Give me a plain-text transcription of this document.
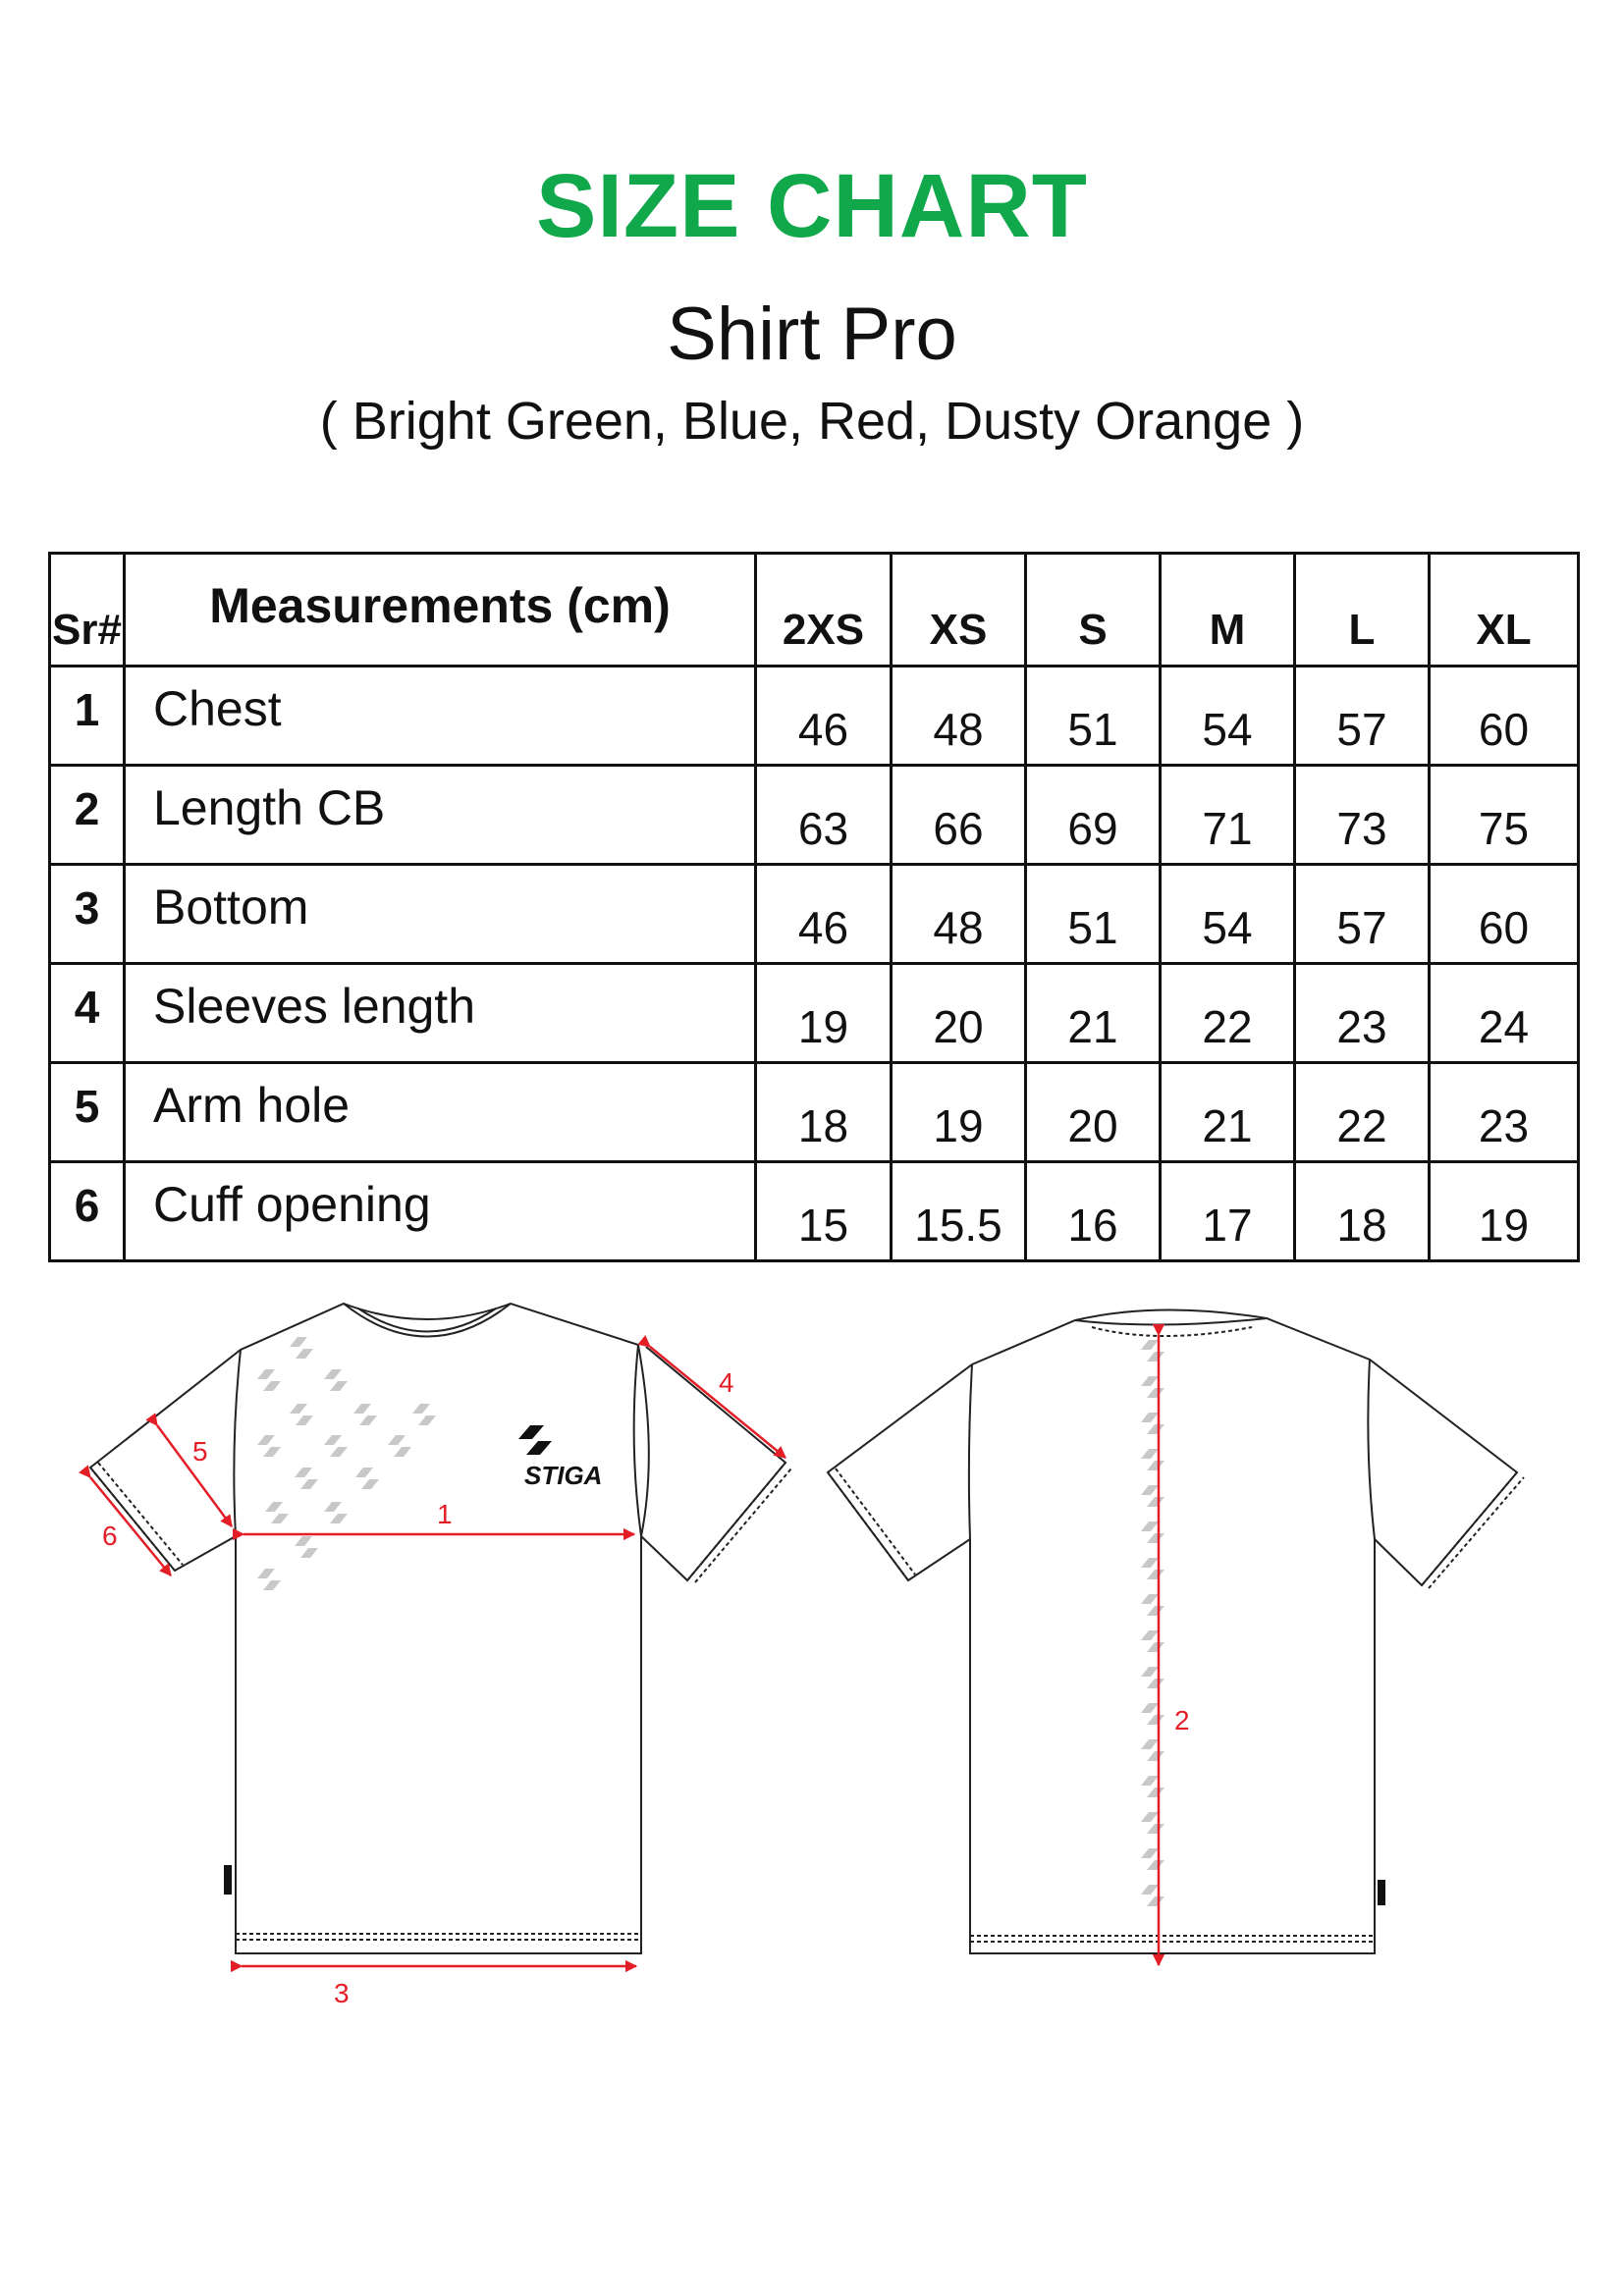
SIZE CHART
Shirt Pro
( Bright Green, Blue, Red, Dusty Orange )
Sr#	Measurements (cm)	2XS	XS	S	M	L	XL
1	Chest	46	48	51	54	57	60
2	Length CB	63	66	69	71	73	75
3	Bottom	46	48	51	54	57	60
4	Sleeves length	19	20	21	22	23	24
5	Arm hole	18	19	20	21	22	23
6	Cuff opening	15	15.5	16	17	18	19
STIGA
1
3
4
5
6
2
